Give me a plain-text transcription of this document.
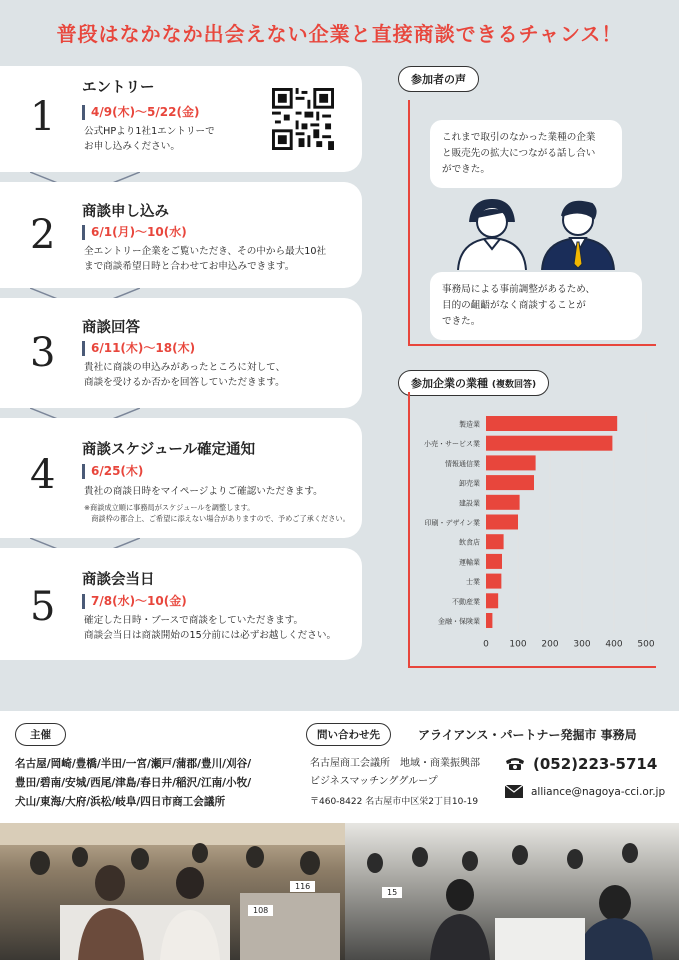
普段はなかなか出会えない企業と直接商談できるチャンス！
1
エントリー
4/9(木)～5/22(金)
公式HPより1社1エントリーで
お申し込みください。
2 商談申し込み
6/1(月)～10(水)
全エントリー企業をご覧いただき、その中から最大10社
まで商談希望日時と合わせてお申込みできます。
3
商談回答
6/11(木)～18(木)
貴社に商談の申込みがあったところに対して、
商談を受けるか否かを回答していただきます。
4
商談スケジュール確定通知
6/25(木)
貴社の商談日時をマイページよりご確認いただきます。
※商談成立順に事務局がスケジュールを調整します。
　商談枠の都合上、ご希望に添えない場合がありますので、予めご了承ください。
5
商談会当日
7/8(水)～10(金)
確定した日時・ブースで商談をしていただきます。
商談会当日は商談開始の15分前には必ずお越しください。
参加者の声
これまで取引のなかった業種の企業
と販売先の拡大につながる話し合い
ができた。
事務局による事前調整があるため、
目的の齟齬がなく商談することが
できた。
参加企業の業種 (複数回答)
0 100 200 300 400 500
製造業
小売・サービス業
情報通信業
卸売業
建設業
印刷・デザイン業
飲食店
運輸業
士業
不動産業
金融・保険業
主催
名古屋/岡崎/豊橋/半田/一宮/瀬戸/蒲郡/豊川/刈谷/
豊田/碧南/安城/西尾/津島/春日井/稲沢/江南/小牧/
犬山/東海/大府/浜松/岐阜/四日市商工会議所
問い合わせ先	アライアンス・パートナー発掘市 事務局
名古屋商工会議所　地域・商業振興部
ビジネスマッチンググループ
〒460-8422 名古屋市中区栄2丁目10-19
(052)223-5714
alliance@nagoya-cci.or.jp
116
108
15
